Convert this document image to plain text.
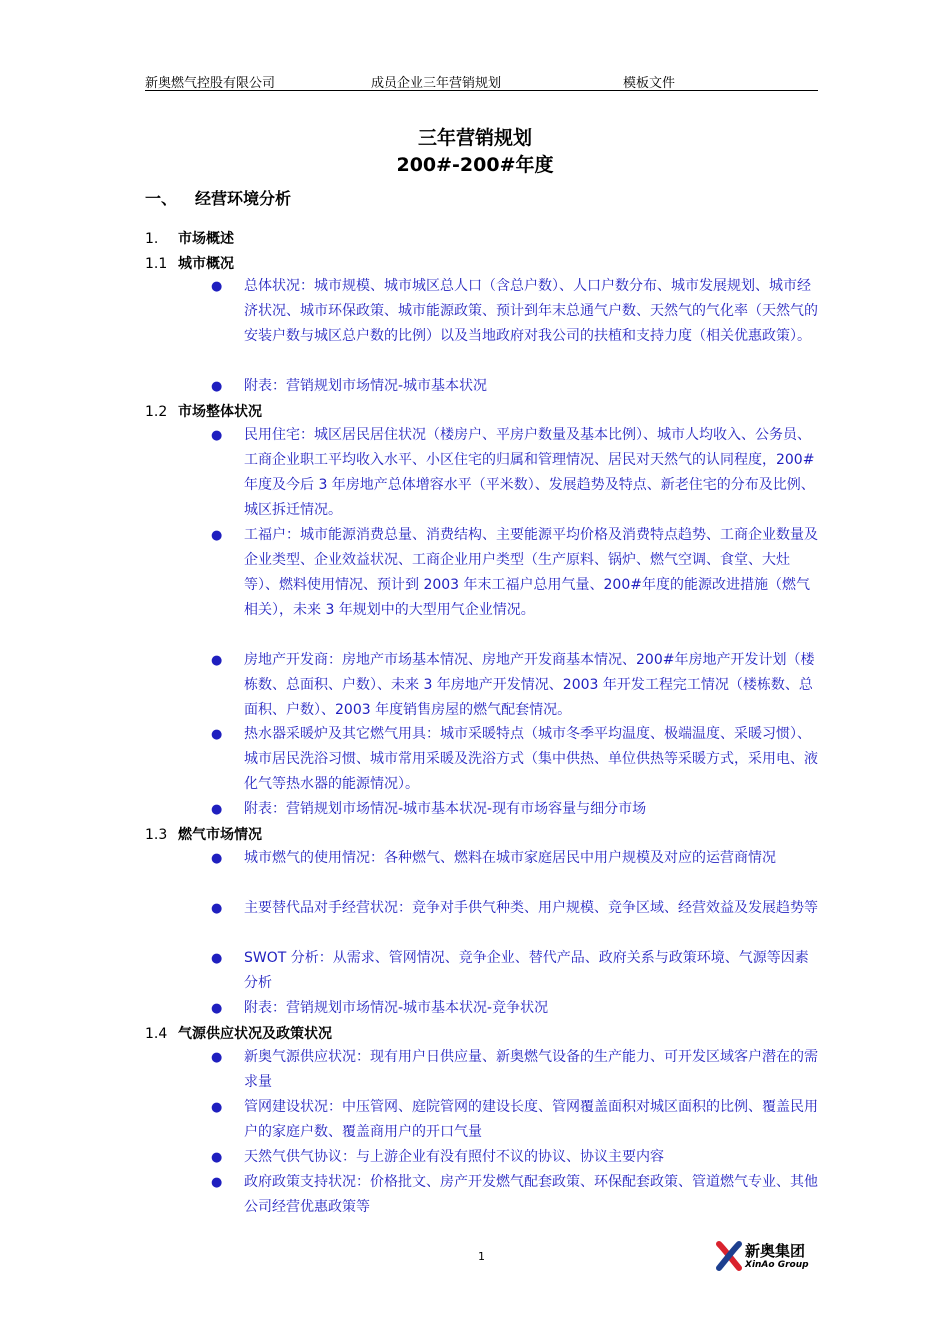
新奥燃气控股有限公司	成员企业三年营销规划	模板文件
三年营销规划
200#-200#年度
一、 经营环境分析
1. 市场概述
1.1 城市概况
● 总体状况：城市规模、城市城区总人口（含总户数）、人口户数分布、城市发展规划、城市经济状况、城市环保政策、城市能源政策、预计到年末总通气户数、天然气的气化率（天然气的安装户数与城区总户数的比例）以及当地政府对我公司的扶植和支持力度（相关优惠政策）。
● 附表：营销规划市场情况-城市基本状况
1.2 市场整体状况
● 民用住宅：城区居民居住状况（楼房户、平房户数量及基本比例）、城市人均收入、公务员、工商企业职工平均收入水平、小区住宅的归属和管理情况、居民对天然气的认同程度，200#年度及今后 3 年房地产总体增容水平（平米数）、发展趋势及特点、新老住宅的分布及比例、城区拆迁情况。
● 工福户：城市能源消费总量、消费结构、主要能源平均价格及消费特点趋势、工商企业数量及企业类型、企业效益状况、工商企业用户类型（生产原料、锅炉、燃气空调、食堂、大灶等）、燃料使用情况、预计到 2003 年末工福户总用气量、200#年度的能源改进措施（燃气相关），未来 3 年规划中的大型用气企业情况。
● 房地产开发商：房地产市场基本情况、房地产开发商基本情况、200#年房地产开发计划（楼栋数、总面积、户数）、未来 3 年房地产开发情况、2003 年开发工程完工情况（楼栋数、总面积、户数）、2003 年度销售房屋的燃气配套情况。
● 热水器采暖炉及其它燃气用具：城市采暖特点（城市冬季平均温度、极端温度、采暖习惯）、城市居民洗浴习惯、城市常用采暖及洗浴方式（集中供热、单位供热等采暖方式，采用电、液化气等热水器的能源情况）。
● 附表：营销规划市场情况-城市基本状况-现有市场容量与细分市场
1.3 燃气市场情况
● 城市燃气的使用情况：各种燃气、燃料在城市家庭居民中用户规模及对应的运营商情况
● 主要替代品对手经营状况：竞争对手供气种类、用户规模、竞争区域、经营效益及发展趋势等
● SWOT 分析：从需求、管网情况、竞争企业、替代产品、政府关系与政策环境、气源等因素分析
● 附表：营销规划市场情况-城市基本状况-竞争状况
1.4 气源供应状况及政策状况
● 新奥气源供应状况：现有用户日供应量、新奥燃气设备的生产能力、可开发区域客户潜在的需求量
● 管网建设状况：中压管网、庭院管网的建设长度、管网覆盖面积对城区面积的比例、覆盖民用户的家庭户数、覆盖商用户的开口气量
● 天然气供气协议：与上游企业有没有照付不议的协议、协议主要内容
● 政府政策支持状况：价格批文、房产开发燃气配套政策、环保配套政策、管道燃气专业、其他公司经营优惠政策等
1	新奥集团
XinAo Group
